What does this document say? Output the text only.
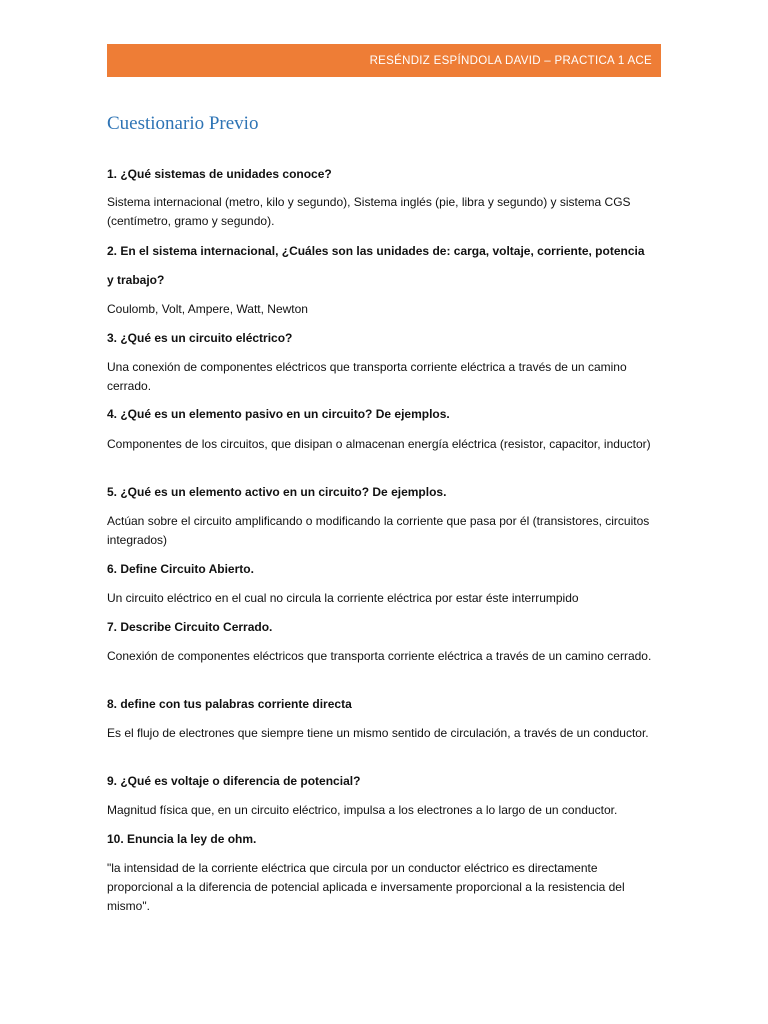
RESÉNDIZ ESPÍNDOLA DAVID – PRACTICA 1 ACE
Cuestionario Previo

1. ¿Qué sistemas de unidades conoce?

Sistema internacional (metro, kilo y segundo), Sistema inglés (pie, libra y segundo) y sistema CGS (centímetro, gramo y segundo).

2. En el sistema internacional, ¿Cuáles son las unidades de: carga, voltaje, corriente, potencia

y trabajo?

Coulomb, Volt, Ampere, Watt, Newton

3. ¿Qué es un circuito eléctrico?

Una conexión de componentes eléctricos que transporta corriente eléctrica a través de un camino cerrado.

4. ¿Qué es un elemento pasivo en un circuito? De ejemplos.

Componentes de los circuitos, que disipan o almacenan energía eléctrica (resistor, capacitor, inductor)

5. ¿Qué es un elemento activo en un circuito? De ejemplos.

Actúan sobre el circuito amplificando o modificando la corriente que pasa por él (transistores, circuitos integrados)

6. Define Circuito Abierto.

Un circuito eléctrico en el cual no circula la corriente eléctrica por estar éste interrumpido

7. Describe Circuito Cerrado.

Conexión de componentes eléctricos que transporta corriente eléctrica a través de un camino cerrado.

8. define con tus palabras corriente directa

Es el flujo de electrones que siempre tiene un mismo sentido de circulación, a través de un conductor.

9. ¿Qué es voltaje o diferencia de potencial?

Magnitud física que, en un circuito eléctrico, impulsa a los electrones a lo largo de un conductor.

10. Enuncia la ley de ohm.

"la intensidad de la corriente eléctrica que circula por un conductor eléctrico es directamente proporcional a la diferencia de potencial aplicada e inversamente proporcional a la resistencia del mismo".
